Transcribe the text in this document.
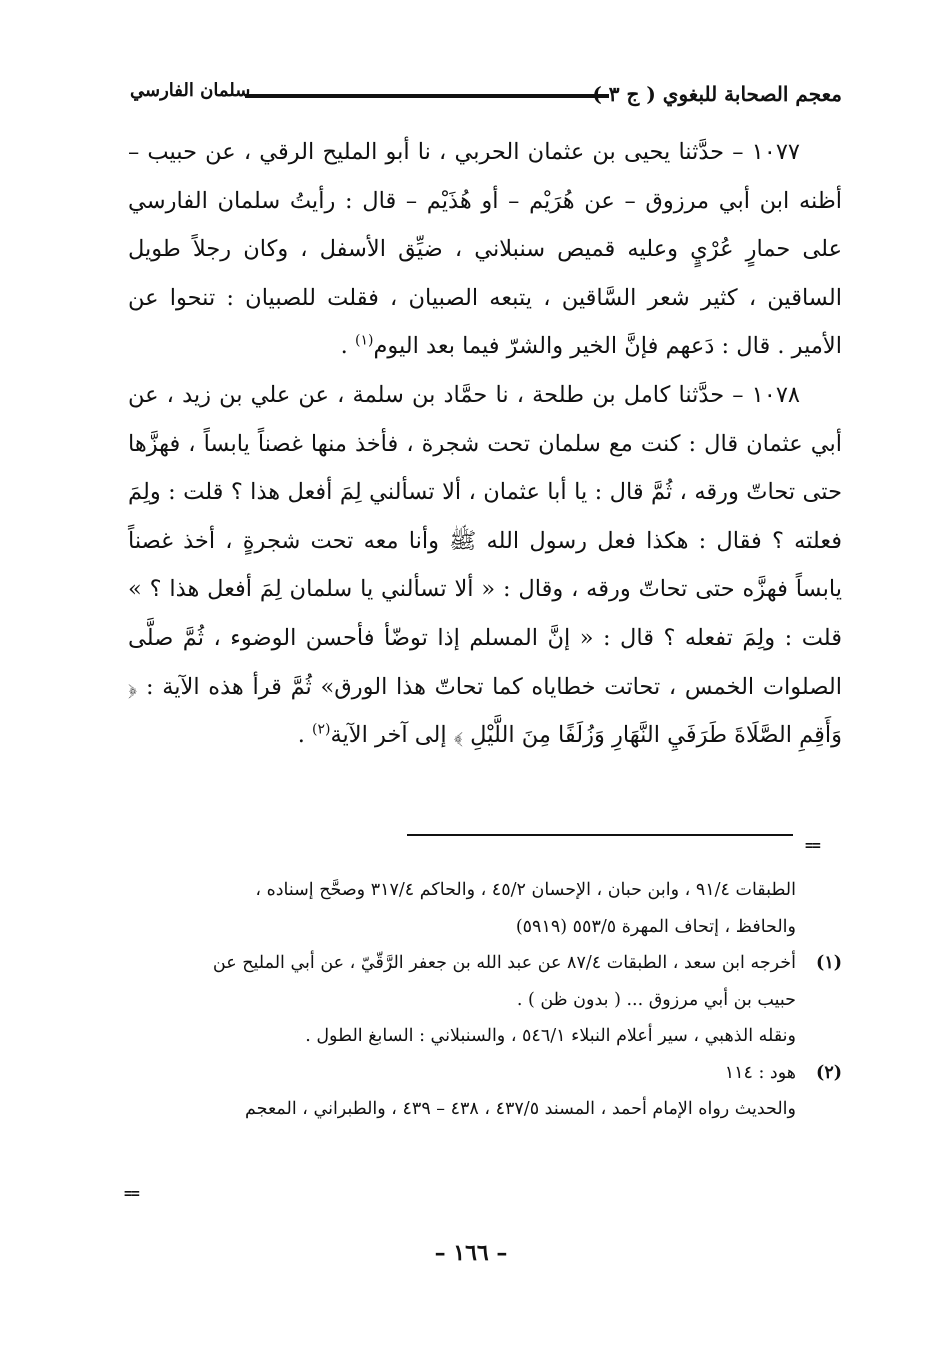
معجم الصحابة للبغوي ( ج ٣
سلمان الفارسي

١٠٧٧ – حدَّثنا يحيى بن عثمان الحربي ، نا أبو المليح الرقي ، عن حبيب – أظنه ابن أبي مرزوق – عن هُرَيْم – أو هُذَيْم – قال : رأيتُ سلمان الفارسي على حمارٍ عُرْيٍ وعليه قميص سنبلاني ، ضيِّق الأسفل ، وكان رجلاً طويل الساقين ، كثير شعر السَّاقين ، يتبعه الصبيان ، فقلت للصبيان : تنحوا عن الأمير . قال : دَعهم فإنَّ الخير والشرّ فيما بعد اليوم$^{(١)}$ .

١٠٧٨ – حدَّثنا كامل بن طلحة ، نا حمَّاد بن سلمة ، عن علي بن زيد ، عن أبي عثمان قال : كنت مع سلمان تحت شجرة ، فأخذ منها غصناً يابساً ، فهزَّها حتى تحاتّ ورقه ، ثُمَّ قال : يا أبا عثمان ، ألا تسألني لِمَ أفعل هذا ؟ قلت : ولِمَ فعلته ؟ فقال : هكذا فعل رسول الله ﷺ وأنا معه تحت شجرةٍ ، أخذ غصناً يابساً فهزَّه حتى تحاتّ ورقه ، وقال : « ألا تسألني يا سلمان لِمَ أفعل هذا ؟ » قلت : ولِمَ تفعله ؟ قال : « إنَّ المسلم إذا توضّأ فأحسن الوضوء ، ثُمَّ صلَّى الصلوات الخمس ، تحاتت خطاياه كما تحاتّ هذا الورق» ثُمَّ قرأ هذه الآية : ﴿ وَأَقِمِ الصَّلَاةَ طَرَفَيِ النَّهَارِ وَزُلَفًا مِنَ اللَّيْلِ ﴾ إلى آخر الآية$^{(٢)}$ .

==

الطبقات ٩١/٤ ، وابن حبان ، الإحسان ٤٥/٢ ، والحاكم ٣١٧/٤ وصحَّح إسناده ،

والحافظ ، إتحاف المهرة ٥٥٣/٥ (٥٩١٩)

(١)أخرجه ابن سعد ، الطبقات ٨٧/٤ عن عبد الله بن جعفر الرَّقّيّ ، عن أبي المليح عن

حبيب بن أبي مرزوق ... ( بدون ظن ) .

ونقله الذهبي ، سير أعلام النبلاء ٥٤٦/١ ، والسنبلاني : السابغ الطول .

(٢)هود : ١١٤

والحديث رواه الإمام أحمد ، المسند ٤٣٧/٥ ، ٤٣٨ – ٤٣٩ ، والطبراني ، المعجم

==
– ١٦٦ –
